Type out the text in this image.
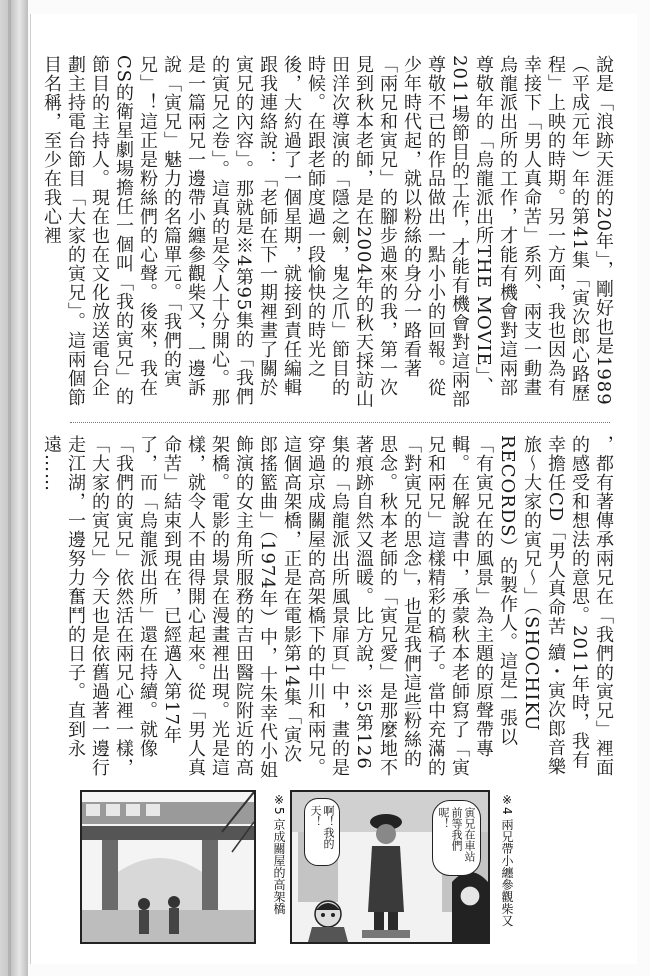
說是「浪跡天涯的20年」，剛好也是1989（平成元年）年的第41集「寅次郎心路歷程」上映的時期。另一方面，我也因為有幸接下「男人真命苦」系列、兩支一動畫烏龍派出所的工作，才能有機會對這兩部尊敬年的「烏龍派出所THE MOVIE」、2011場節目的工作，才能有機會對這兩部尊敬不已的作品做出一點小小的回報。從少年時代起，就以粉絲的身分一路看著「兩兄和寅兄」的腳步過來的我，第一次見到秋本老師，是在2004年的秋天採訪山田洋次導演的「隱之劍，鬼之爪」節目的時候。在跟老師度過一段愉快的時光之後，大約過了一個星期，就接到責任編輯跟我連絡說：「老師在下一期裡畫了關於寅兄的內容」。那就是※4第95集的「我們的寅兄之卷」。這真的是令人十分開心。那是一篇兩兄一邊帶小纏參觀柴又，一邊訴說「寅兄」魅力的名篇單元。「我們的寅兄」！這正是粉絲們的心聲。後來，我在CS的衛星劇場擔任一個叫「我的寅兄」的節目的主持人。現在也在文化放送電台企劃主持電台節目「大家的寅兄」。這兩個節目名稱，至少在我心裡
，都有著傳承兩兄在「我們的寅兄」裡面的感受和想法的意思。2011年時，我有幸擔任CD「男人真命苦 續・寅次郎音樂旅～大家的寅兄～」（SHOCHIKU RECORDS）的製作人。這是一張以「有寅兄在的風景」為主題的原聲帶專輯。在解說書中，承蒙秋本老師寫了「寅兄和兩兄」這樣精彩的稿子。當中充滿的「對寅兄的思念」，也是我們這些粉絲的思念。秋本老師的「寅兄愛」是那麼地不著痕跡自然又溫暖。比方說，※5第126集的「烏龍派出所風景扉頁」中，畫的是穿過京成關屋的高架橋下的中川和兩兄。這個高架橋，正是在電影第14集「寅次郎搖籃曲」（1974年）中，十朱幸代小姐飾演的女主角所服務的吉田醫院附近的高架橋。電影的場景在漫畫裡出現。光是這樣，就令人不由得開心起來。從「男人真命苦」結束到現在，已經邁入第17年了，而「烏龍派出所」還在持續。就像「我們的寅兄」依然活在兩兄心裡一樣，「大家的寅兄」今天也是依舊過著一邊行走江湖，一邊努力奮鬥的日子。直到永遠……
※5 京成關屋的高架橋	啊！我的天！	寅兄在車站前等我們呢！	※4 兩兄帶小纏參觀柴又
